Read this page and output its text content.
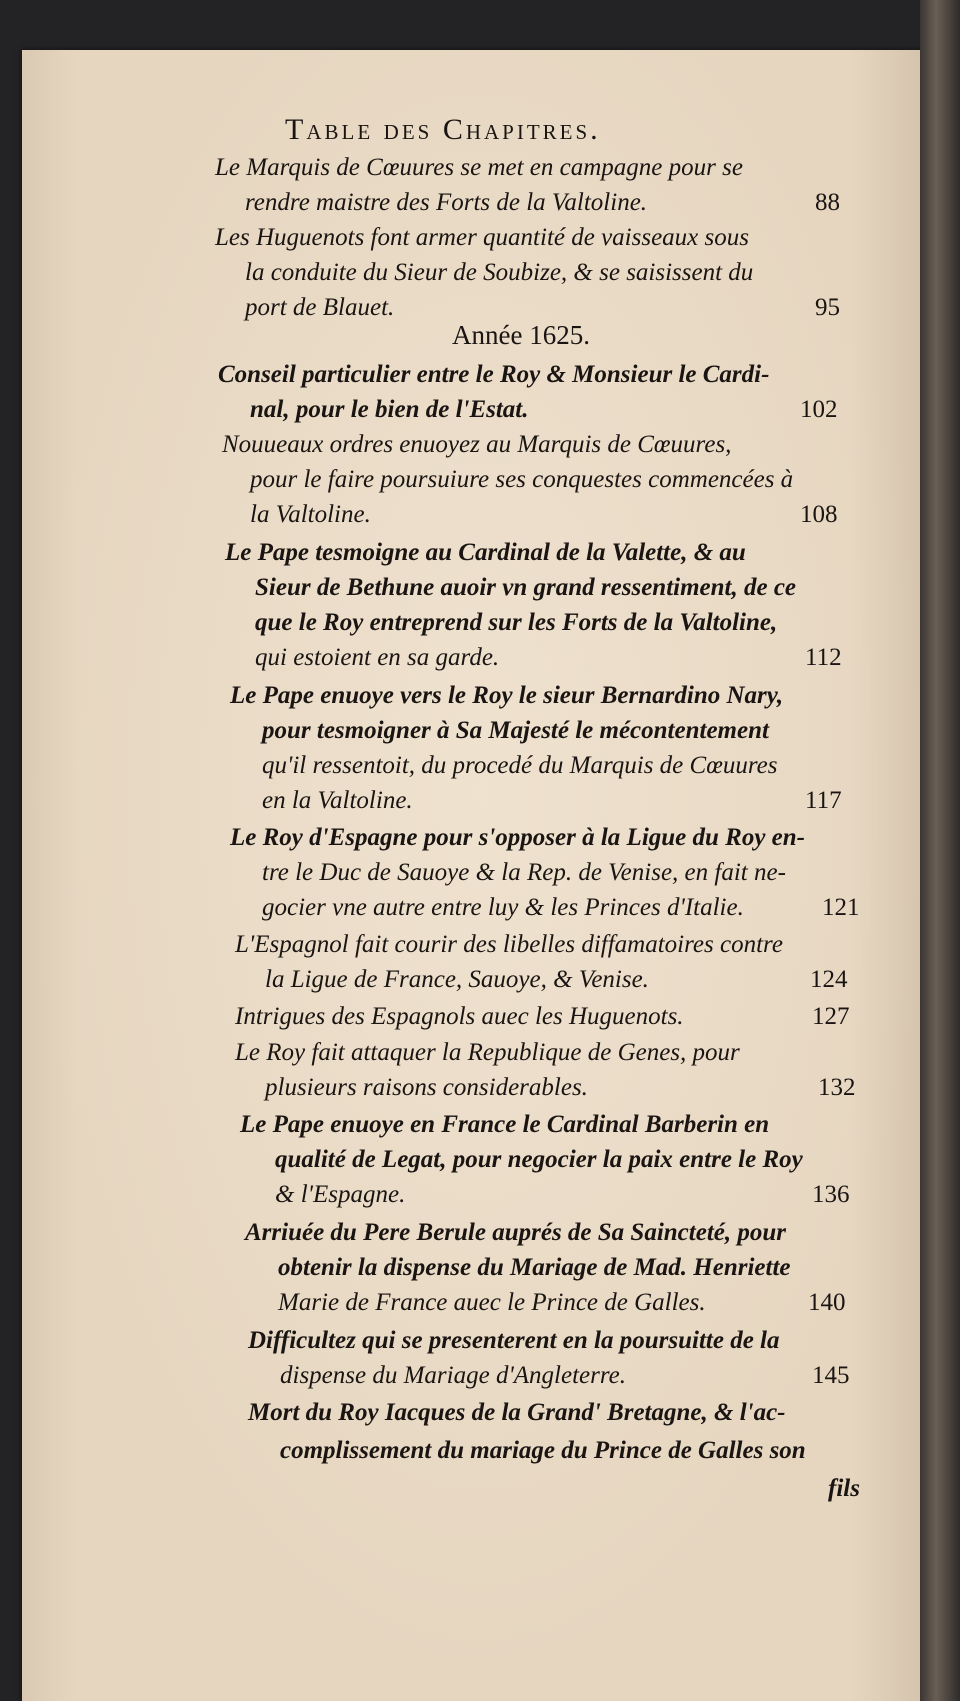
Table des Chapitres.
Année 1625.
Le Marquis de Cœuures se met en campagne pour se
rendre maistre des Forts de la Valtoline.	88
Les Huguenots font armer quantité de vaisseaux sous
la conduite du Sieur de Soubize, & se saisissent du
port de Blauet.	95
Conseil particulier entre le Roy & Monsieur le Cardi-
nal, pour le bien de l'Estat.	102
Nouueaux ordres enuoyez au Marquis de Cœuures,
pour le faire poursuiure ses conquestes commencées à
la Valtoline.	108
Le Pape tesmoigne au Cardinal de la Valette, & au
Sieur de Bethune auoir vn grand ressentiment, de ce
que le Roy entreprend sur les Forts de la Valtoline,
qui estoient en sa garde.	112
Le Pape enuoye vers le Roy le sieur Bernardino Nary,
pour tesmoigner à Sa Majesté le mécontentement
qu'il ressentoit, du procedé du Marquis de Cœuures
en la Valtoline.	117
Le Roy d'Espagne pour s'opposer à la Ligue du Roy en-
tre le Duc de Sauoye & la Rep. de Venise, en fait ne-
gocier vne autre entre luy & les Princes d'Italie.	121
L'Espagnol fait courir des libelles diffamatoires contre
la Ligue de France, Sauoye, & Venise.	124
Intrigues des Espagnols auec les Huguenots.	127
Le Roy fait attaquer la Republique de Genes, pour
plusieurs raisons considerables.	132
Le Pape enuoye en France le Cardinal Barberin en
qualité de Legat, pour negocier la paix entre le Roy
& l'Espagne.	136
Arriuée du Pere Berule auprés de Sa Saincteté, pour
obtenir la dispense du Mariage de Mad. Henriette
Marie de France auec le Prince de Galles.	140
Difficultez qui se presenterent en la poursuitte de la
dispense du Mariage d'Angleterre.	145
Mort du Roy Iacques de la Grand' Bretagne, & l'ac-
complissement du mariage du Prince de Galles son
fils
